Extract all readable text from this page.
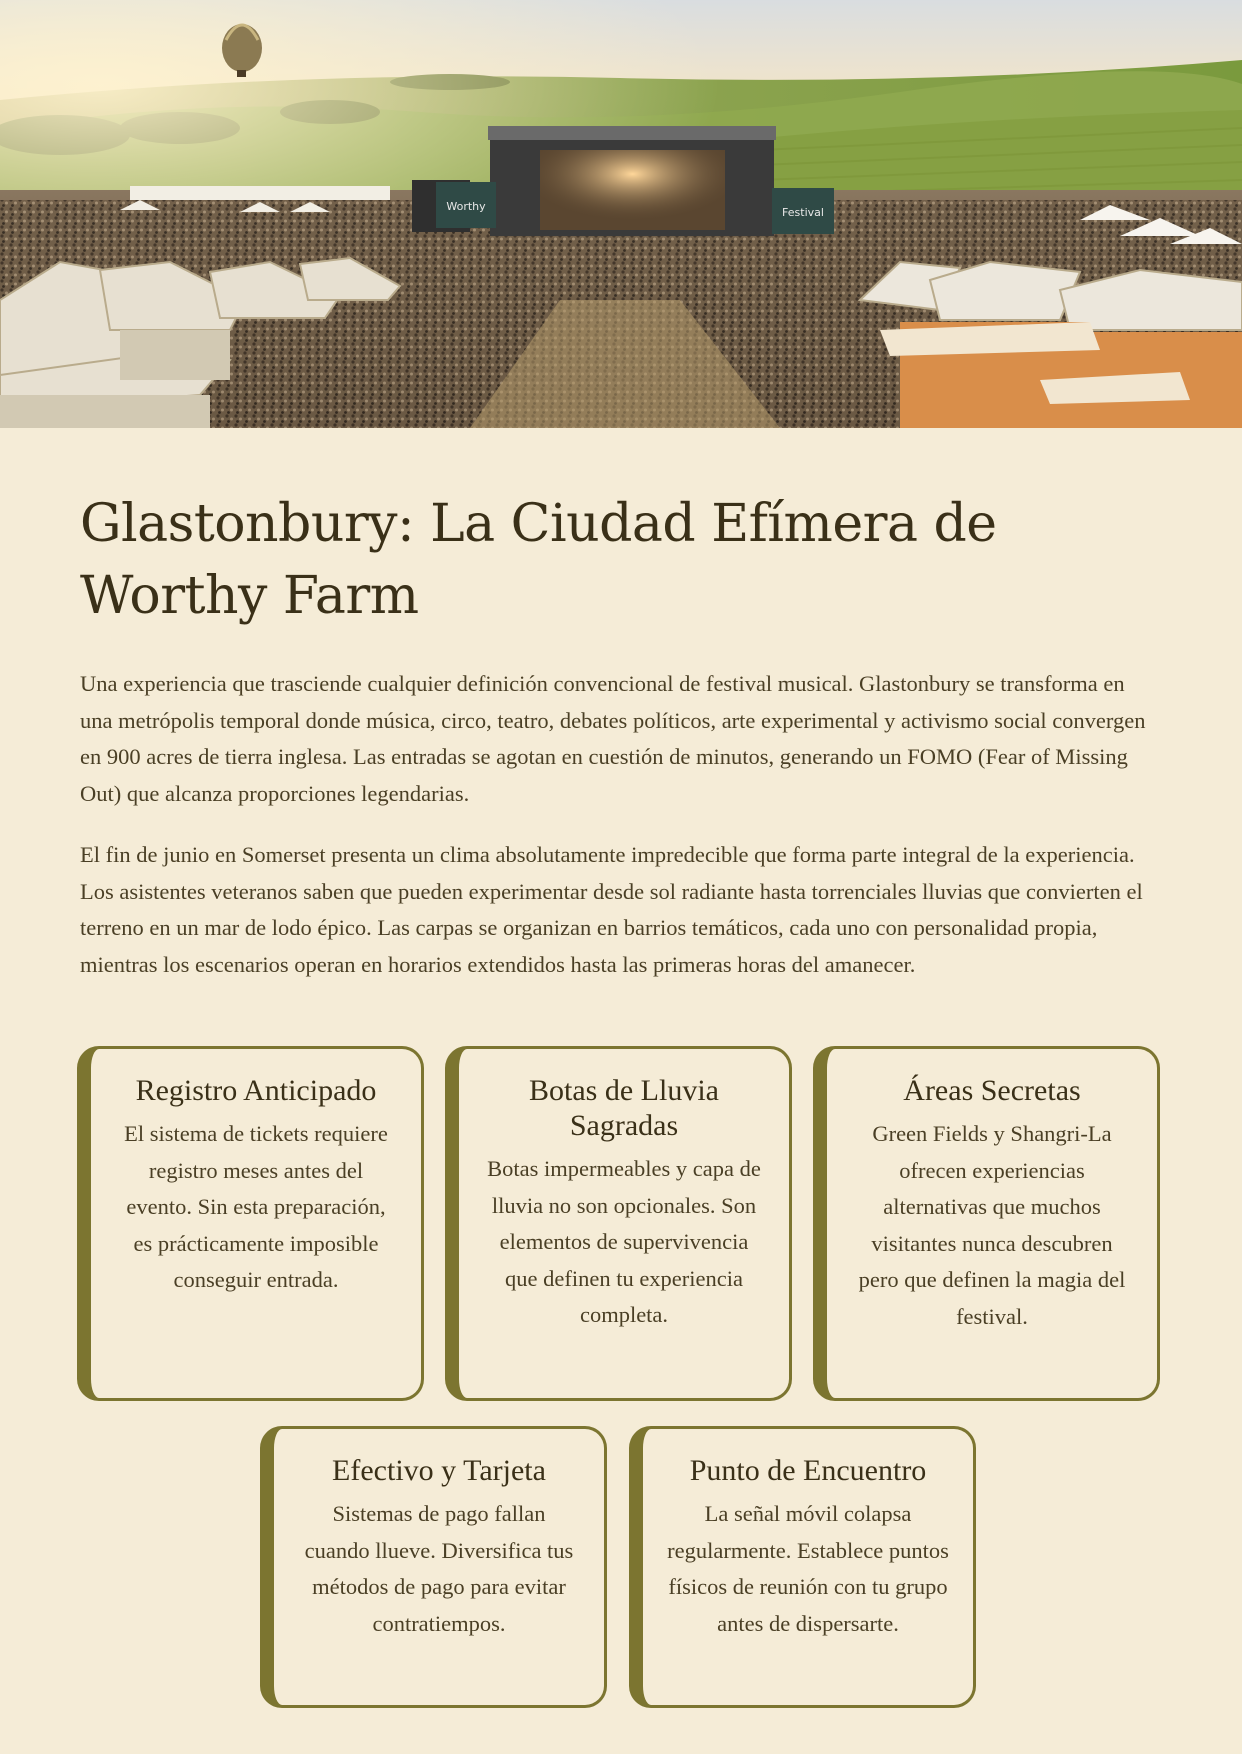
Worthy	Festival
Glastonbury: La Ciudad Efímera de Worthy Farm

Una experiencia que trasciende cualquier definición convencional de festival musical. Glastonbury se transforma en una metrópolis temporal donde música, circo, teatro, debates políticos, arte experimental y activismo social convergen en 900 acres de tierra inglesa. Las entradas se agotan en cuestión de minutos, generando un FOMO (Fear of Missing Out) que alcanza proporciones legendarias.

El fin de junio en Somerset presenta un clima absolutamente impredecible que forma parte integral de la experiencia. Los asistentes veteranos saben que pueden experimentar desde sol radiante hasta torrenciales lluvias que convierten el terreno en un mar de lodo épico. Las carpas se organizan en barrios temáticos, cada uno con personalidad propia, mientras los escenarios operan en horarios extendidos hasta las primeras horas del amanecer.

Registro Anticipado

El sistema de tickets requiere registro meses antes del evento. Sin esta preparación, es prácticamente imposible conseguir entrada.

Botas de Lluvia Sagradas

Botas impermeables y capa de lluvia no son opcionales. Son elementos de supervivencia que definen tu experiencia completa.

Áreas Secretas

Green Fields y Shangri-La ofrecen experiencias alternativas que muchos visitantes nunca descubren pero que definen la magia del festival.

Efectivo y Tarjeta

Sistemas de pago fallan cuando llueve. Diversifica tus métodos de pago para evitar contratiempos.

Punto de Encuentro

La señal móvil colapsa regularmente. Establece puntos físicos de reunión con tu grupo antes de dispersarte.
